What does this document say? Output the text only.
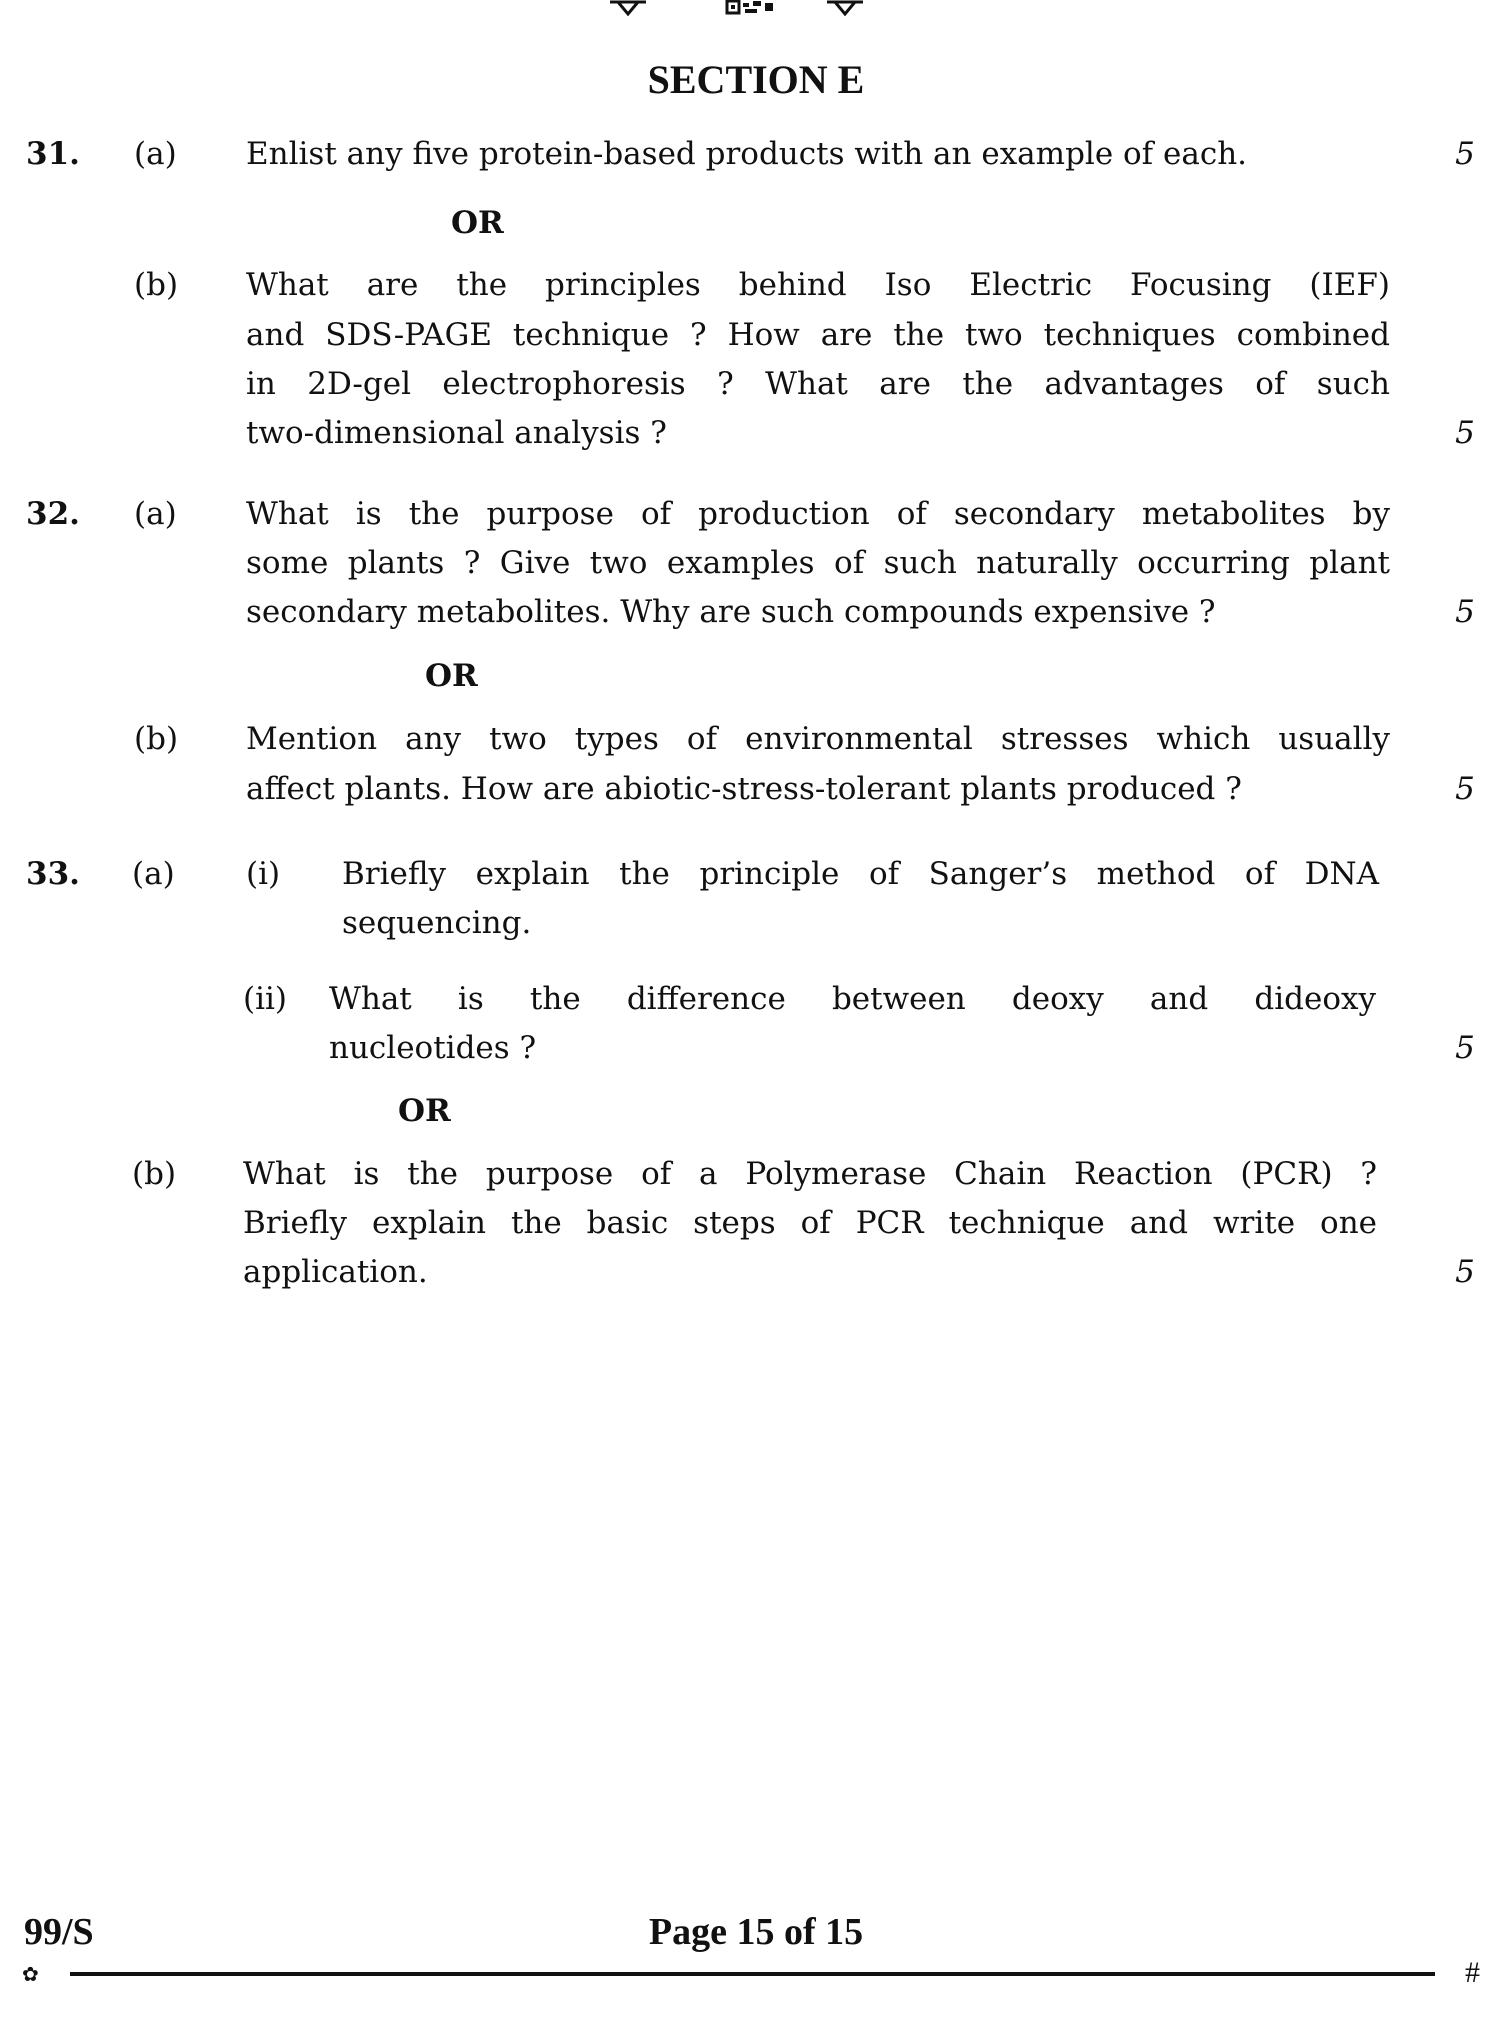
SECTION E
31. (a) Enlist any five protein-based products with an example of each.	5
OR
(b) What are the principles behind Iso Electric Focusing (IEF)
and SDS-PAGE technique ? How are the two techniques combined
in 2D-gel electrophoresis ? What are the advantages of such
two-dimensional analysis ?	5
32. (a) What is the purpose of production of secondary metabolites by
some plants ? Give two examples of such naturally occurring plant
secondary metabolites. Why are such compounds expensive ?	5
OR
(b) Mention any two types of environmental stresses which usually
affect plants. How are abiotic-stress-tolerant plants produced ?	5
33. (a) (i) Briefly explain the principle of Sanger’s method of DNA
sequencing.
(ii) What is the difference between deoxy and dideoxy
nucleotides ?	5
OR
(b) What is the purpose of a Polymerase Chain Reaction (PCR) ?
Briefly explain the basic steps of PCR technique and write one
application.	5
99/S	Page 15 of 15
✿	#
